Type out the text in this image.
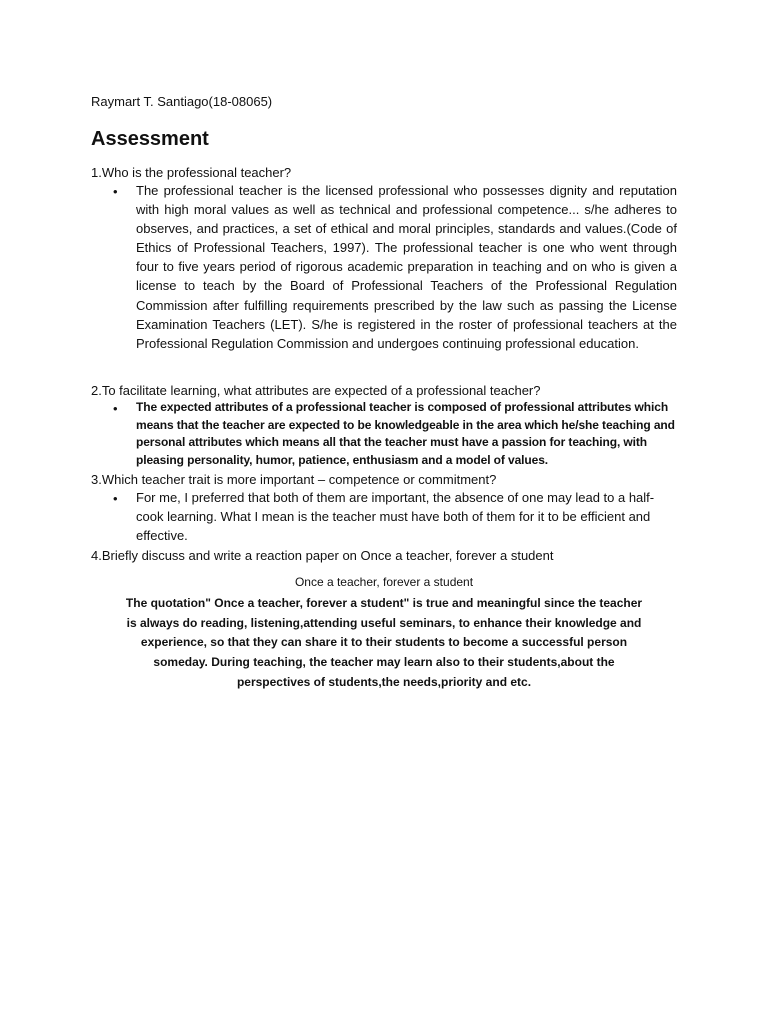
Raymart T. Santiago(18-08065)
Assessment
1.Who is the professional teacher?
• The professional teacher is the licensed professional who possesses dignity and reputation with high moral values as well as technical and professional competence... s/he adheres to observes, and practices, a set of ethical and moral principles, standards and values.(Code of Ethics of Professional Teachers, 1997). The professional teacher is one who went through four to five years period of rigorous academic preparation in teaching and on who is given a license to teach by the Board of Professional Teachers of the Professional Regulation Commission after fulfilling requirements prescribed by the law such as passing the License Examination Teachers (LET). S/he is registered in the roster of professional teachers at the Professional Regulation Commission and undergoes continuing professional education.
2.To facilitate learning, what attributes are expected of a professional teacher?
• The expected attributes of a professional teacher is composed of professional attributes which means that the teacher are expected to be knowledgeable in the area which he/she teaching and personal attributes which means all that the teacher must have a passion for teaching, with pleasing personality, humor, patience, enthusiasm and a model of values.
3.Which teacher trait is more important – competence or commitment?
• For me, I preferred that both of them are important, the absence of one may lead to a half-cook learning. What I mean is the teacher must have both of them for it to be efficient and effective.
4.Briefly discuss and write a reaction paper on Once a teacher, forever a student
Once a teacher, forever a student
The quotation" Once a teacher, forever a student" is true and meaningful since the teacher is always do reading, listening,attending useful seminars, to enhance their knowledge and experience, so that they can share it to their students to become a successful person someday. During teaching, the teacher may learn also to their students,about the perspectives of students,the needs,priority and etc.
